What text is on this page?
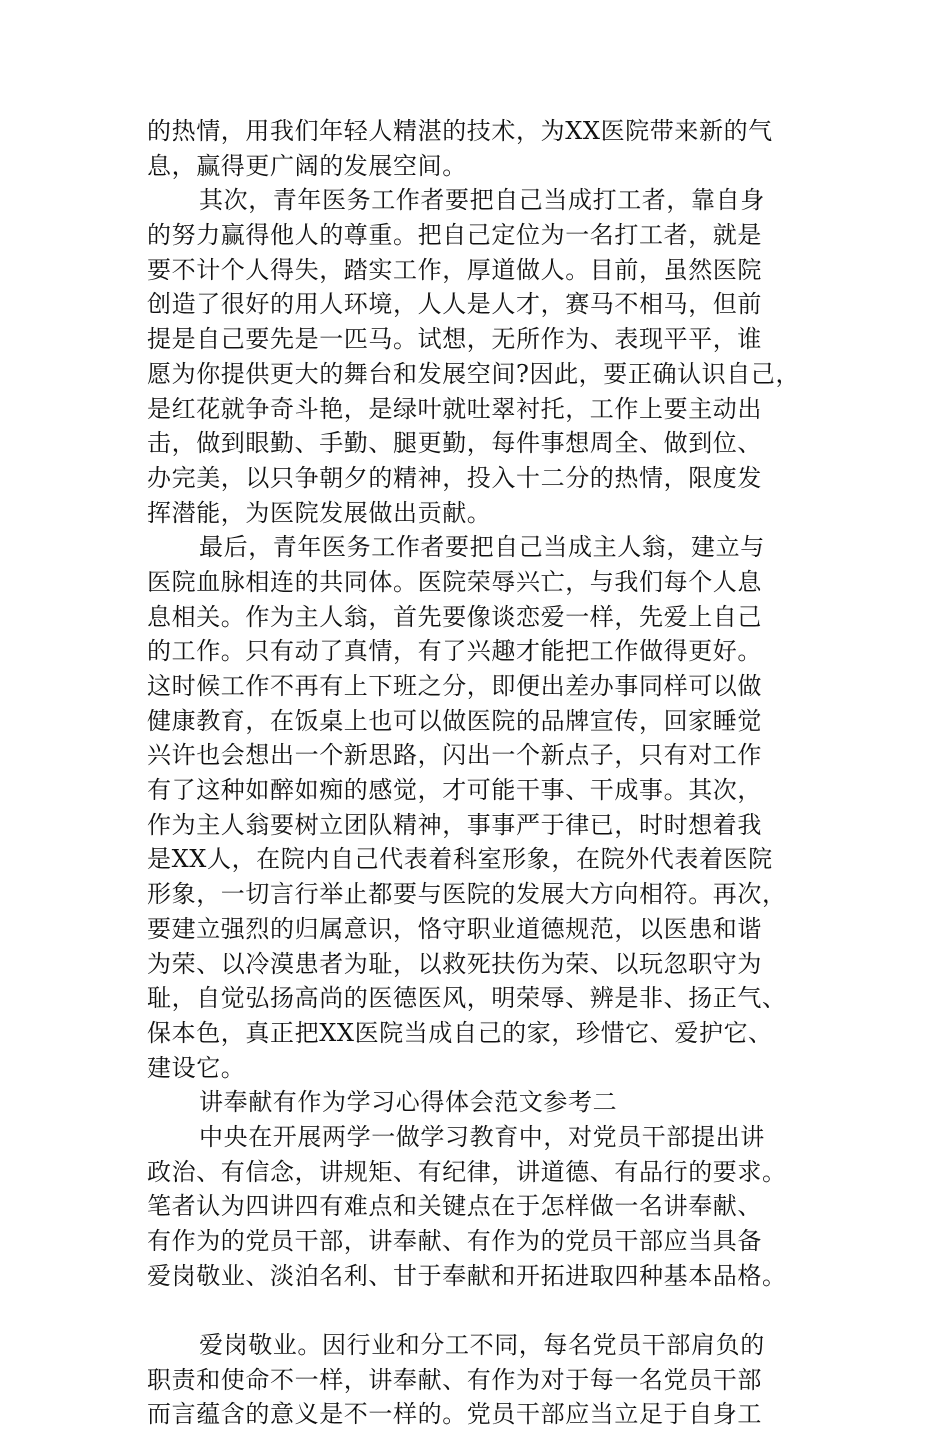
的热情，用我们年轻人精湛的技术，为XX医院带来新的气
息，赢得更广阔的发展空间。
其次，青年医务工作者要把自己当成打工者，靠自身
的努力赢得他人的尊重。把自己定位为一名打工者，就是
要不计个人得失，踏实工作，厚道做人。目前，虽然医院
创造了很好的用人环境，人人是人才，赛马不相马，但前
提是自己要先是一匹马。试想，无所作为、表现平平，谁
愿为你提供更大的舞台和发展空间?因此，要正确认识自己，
是红花就争奇斗艳，是绿叶就吐翠衬托，工作上要主动出
击，做到眼勤、手勤、腿更勤，每件事想周全、做到位、
办完美，以只争朝夕的精神，投入十二分的热情，限度发
挥潜能，为医院发展做出贡献。
最后，青年医务工作者要把自己当成主人翁，建立与
医院血脉相连的共同体。医院荣辱兴亡，与我们每个人息
息相关。作为主人翁，首先要像谈恋爱一样，先爱上自己
的工作。只有动了真情，有了兴趣才能把工作做得更好。
这时候工作不再有上下班之分，即便出差办事同样可以做
健康教育，在饭桌上也可以做医院的品牌宣传，回家睡觉
兴许也会想出一个新思路，闪出一个新点子，只有对工作
有了这种如醉如痴的感觉，才可能干事、干成事。其次，
作为主人翁要树立团队精神，事事严于律已，时时想着我
是XX人，在院内自己代表着科室形象，在院外代表着医院
形象，一切言行举止都要与医院的发展大方向相符。再次，
要建立强烈的归属意识，恪守职业道德规范，以医患和谐
为荣、以冷漠患者为耻，以救死扶伤为荣、以玩忽职守为
耻，自觉弘扬高尚的医德医风，明荣辱、辨是非、扬正气、
保本色，真正把XX医院当成自己的家，珍惜它、爱护它、
建设它。
讲奉献有作为学习心得体会范文参考二
中央在开展两学一做学习教育中，对党员干部提出讲
政治、有信念，讲规矩、有纪律，讲道德、有品行的要求。
笔者认为四讲四有难点和关键点在于怎样做一名讲奉献、
有作为的党员干部，讲奉献、有作为的党员干部应当具备
爱岗敬业、淡泊名利、甘于奉献和开拓进取四种基本品格。
爱岗敬业。因行业和分工不同，每名党员干部肩负的
职责和使命不一样，讲奉献、有作为对于每一名党员干部
而言蕴含的意义是不一样的。党员干部应当立足于自身工
